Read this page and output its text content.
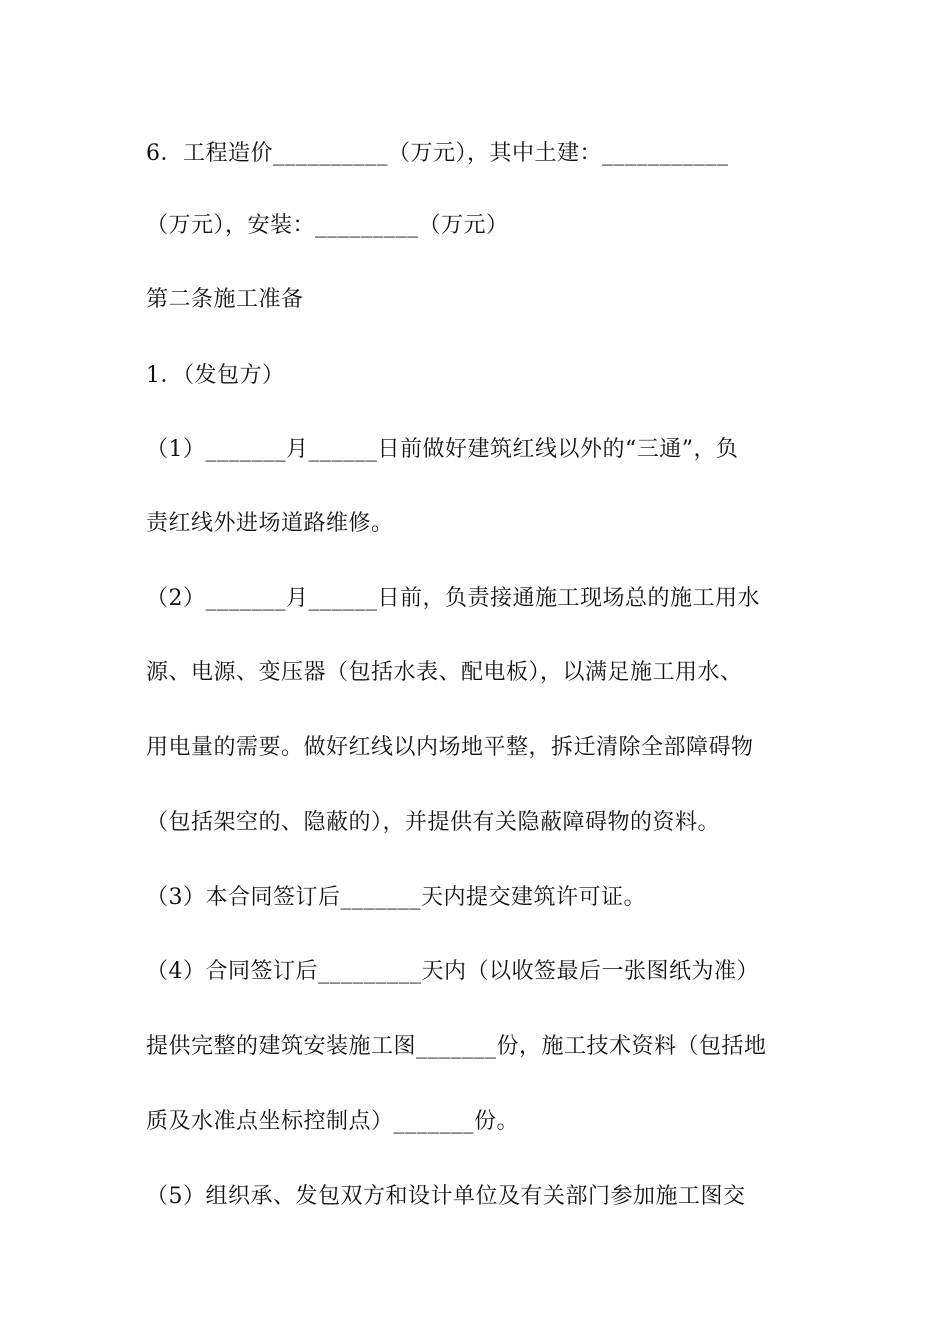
6．工程造价__________（万元），其中土建：___________
（万元），安装：_________（万元）
第二条施工准备
1．（发包方）
（1）_______月______日前做好建筑红线以外的“三通”，负
责红线外进场道路维修。
（2）_______月______日前，负责接通施工现场总的施工用水
源、电源、变压器（包括水表、配电板），以满足施工用水、
用电量的需要。做好红线以内场地平整，拆迁清除全部障碍物
（包括架空的、隐蔽的），并提供有关隐蔽障碍物的资料。
（3）本合同签订后_______天内提交建筑许可证。
（4）合同签订后_________天内（以收签最后一张图纸为准）
提供完整的建筑安装施工图_______份，施工技术资料（包括地
质及水准点坐标控制点）_______份。
（5）组织承、发包双方和设计单位及有关部门参加施工图交
